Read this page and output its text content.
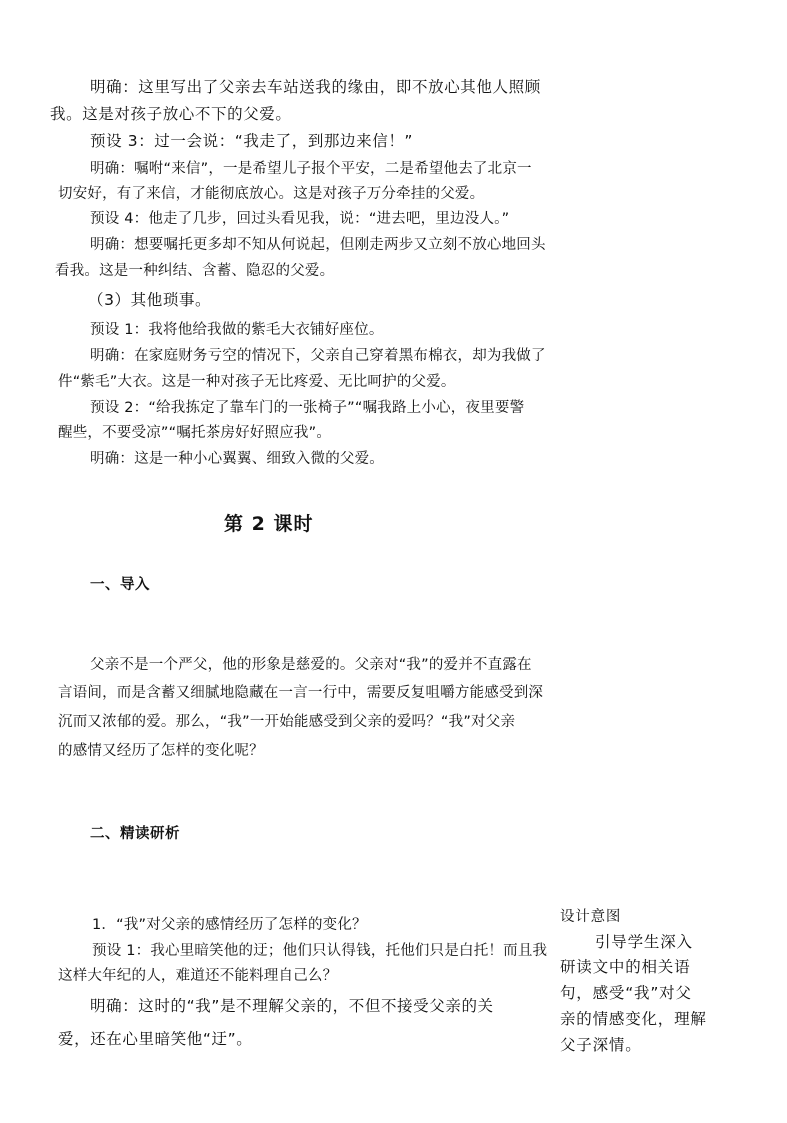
明确：这里写出了父亲去车站送我的缘由，即不放心其他人照顾
我。这是对孩子放心不下的父爱。
预设 3：过一会说：“我走了，到那边来信！”
明确：嘱咐“来信”，一是希望儿子报个平安，二是希望他去了北京一
切安好，有了来信，才能彻底放心。这是对孩子万分牵挂的父爱。
预设 4：他走了几步，回过头看见我，说：“进去吧，里边没人。”
明确：想要嘱托更多却不知从何说起，但刚走两步又立刻不放心地回头
看我。这是一种纠结、含蓄、隐忍的父爱。
（3）其他琐事。
预设 1：我将他给我做的紫毛大衣铺好座位。
明确：在家庭财务亏空的情况下，父亲自己穿着黑布棉衣，却为我做了
件“紫毛”大衣。这是一种对孩子无比疼爱、无比呵护的父爱。
预设 2：“给我拣定了靠车门的一张椅子”“嘱我路上小心，夜里要警
醒些，不要受凉”“嘱托茶房好好照应我”。
明确：这是一种小心翼翼、细致入微的父爱。
第 2 课时
一、导入
父亲不是一个严父，他的形象是慈爱的。父亲对“我”的爱并不直露在
言语间，而是含蓄又细腻地隐藏在一言一行中，需要反复咀嚼方能感受到深
沉而又浓郁的爱。那么，“我”一开始能感受到父亲的爱吗？“我”对父亲
的感情又经历了怎样的变化呢？
二、精读研析
1．“我”对父亲的感情经历了怎样的变化？
预设 1：我心里暗笑他的迂；他们只认得钱，托他们只是白托！而且我
这样大年纪的人，难道还不能料理自己么？
明确：这时的“我”是不理解父亲的，不但不接受父亲的关
爱，还在心里暗笑他“迂”。
设计意图
引导学生深入
研读文中的相关语
句，感受“我”对父
亲的情感变化，理解
父子深情。
